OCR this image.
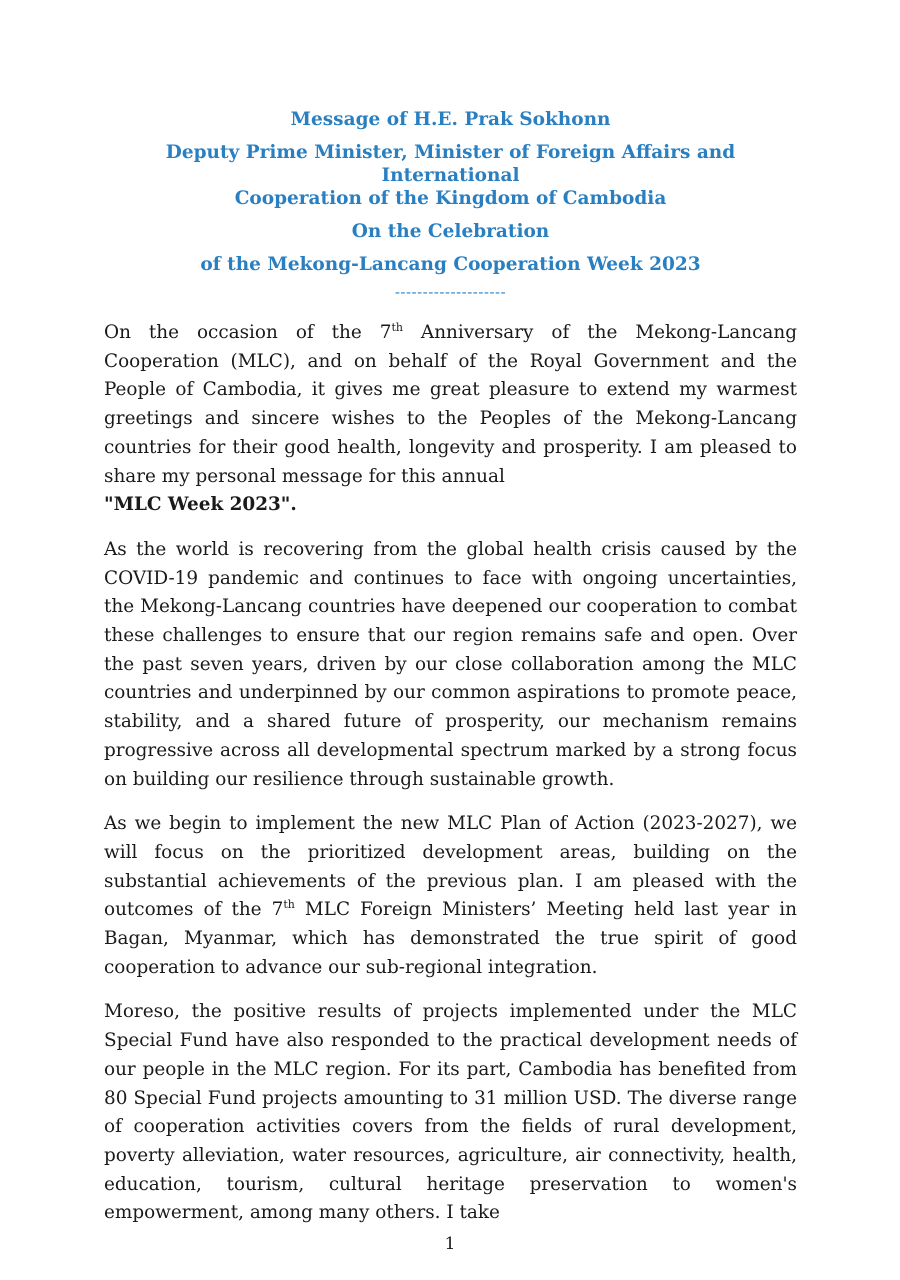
Message of H.E. Prak Sokhonn

Deputy Prime Minister, Minister of Foreign Affairs and International
Cooperation of the Kingdom of Cambodia

On the Celebration

of the Mekong-Lancang Cooperation Week 2023

--------------------

On the occasion of the 7th Anniversary of the Mekong-Lancang Cooperation (MLC), and on behalf of the Royal Government and the People of Cambodia, it gives me great pleasure to extend my warmest greetings and sincere wishes to the Peoples of the Mekong-Lancang countries for their good health, longevity and prosperity. I am pleased to share my personal message for this annual
"MLC Week 2023".

As the world is recovering from the global health crisis caused by the COVID-19 pandemic and continues to face with ongoing uncertainties, the Mekong-Lancang countries have deepened our cooperation to combat these challenges to ensure that our region remains safe and open. Over the past seven years, driven by our close collaboration among the MLC countries and underpinned by our common aspirations to promote peace, stability, and a shared future of prosperity, our mechanism remains progressive across all developmental spectrum marked by a strong focus on building our resilience through sustainable growth.

As we begin to implement the new MLC Plan of Action (2023-2027), we will focus on the prioritized development areas, building on the substantial achievements of the previous plan. I am pleased with the outcomes of the 7th MLC Foreign Ministers’ Meeting held last year in Bagan, Myanmar, which has demonstrated the true spirit of good cooperation to advance our sub-regional integration.

Moreso, the positive results of projects implemented under the MLC Special Fund have also responded to the practical development needs of our people in the MLC region. For its part, Cambodia has benefited from 80 Special Fund projects amounting to 31 million USD. The diverse range of cooperation activities covers from the fields of rural development, poverty alleviation, water resources, agriculture, air connectivity, health, education, tourism, cultural heritage preservation to women's empowerment, among many others. I take

1
